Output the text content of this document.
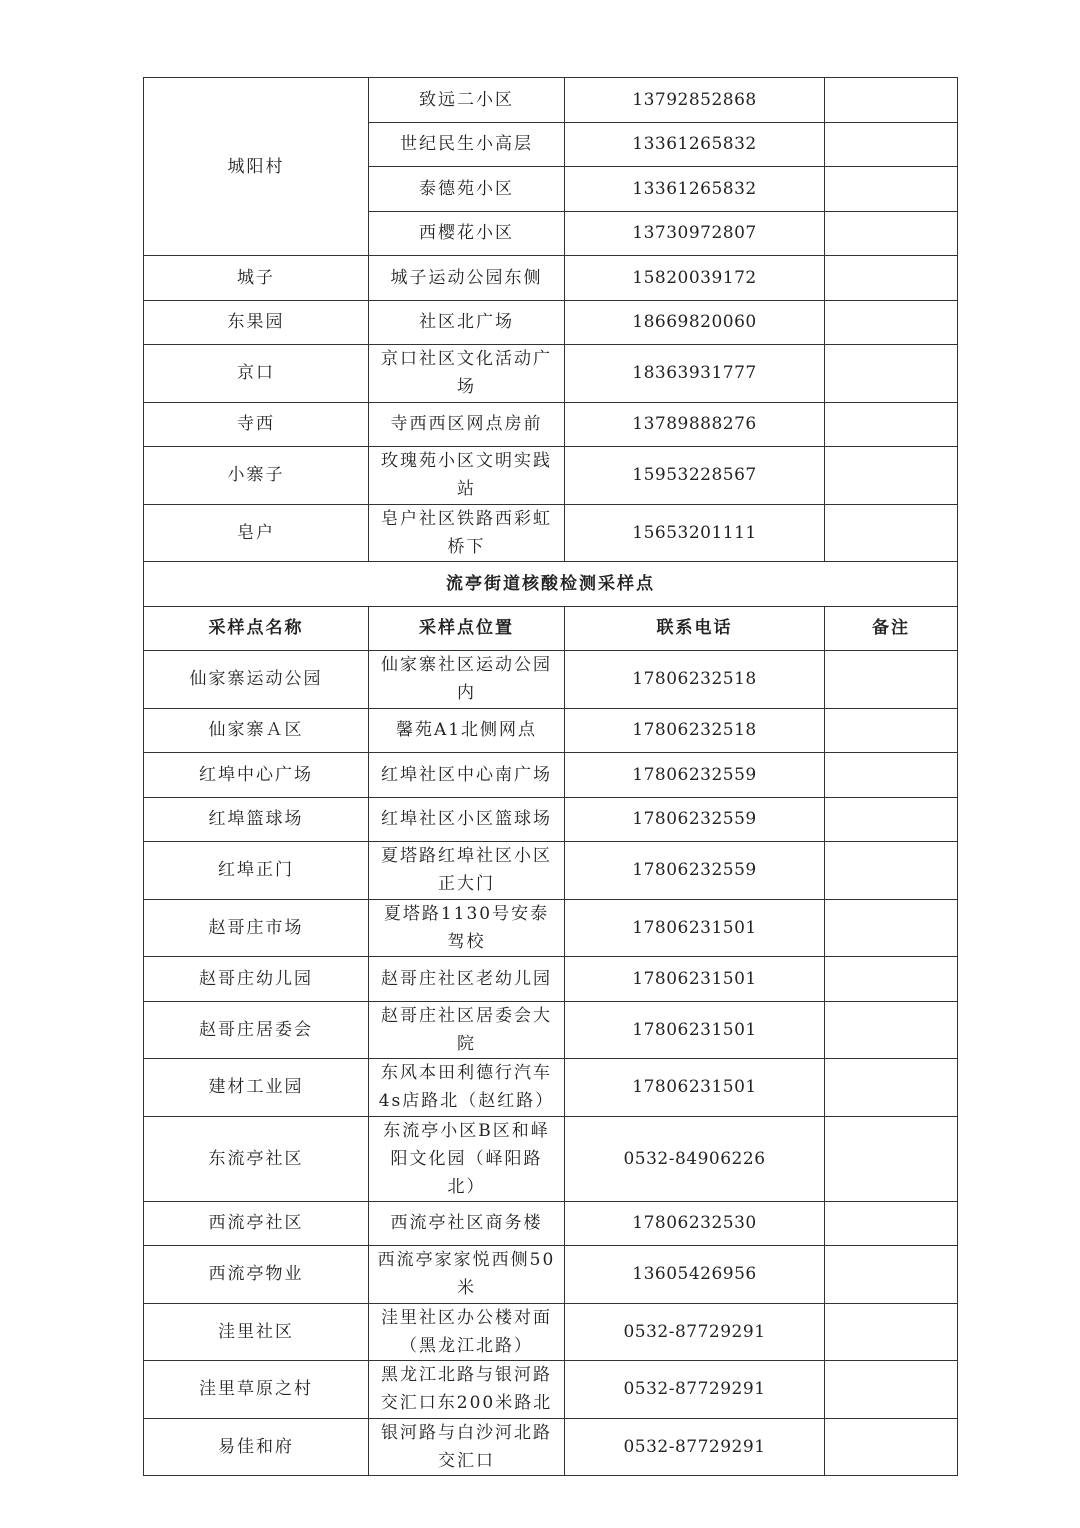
城阳村	致远二小区	13792852868	
	世纪民生小高层	13361265832	
	泰德苑小区	13361265832	
	西樱花小区	13730972807	
城子	城子运动公园东侧	15820039172	
东果园	社区北广场	18669820060	
京口	京口社区文化活动广场	18363931777	
寺西	寺西西区网点房前	13789888276	
小寨子	玫瑰苑小区文明实践站	15953228567	
皂户	皂户社区铁路西彩虹桥下	15653201111	
流亭街道核酸检测采样点			
采样点名称	采样点位置	联系电话	备注
仙家寨运动公园	仙家寨社区运动公园内	17806232518	
仙家寨Ａ区	馨苑A1北侧网点	17806232518	
红埠中心广场	红埠社区中心南广场	17806232559	
红埠篮球场	红埠社区小区篮球场	17806232559	
红埠正门	夏塔路红埠社区小区正大门	17806232559	
赵哥庄市场	夏塔路1130号安泰驾校	17806231501	
赵哥庄幼儿园	赵哥庄社区老幼儿园	17806231501	
赵哥庄居委会	赵哥庄社区居委会大院	17806231501	
建材工业园	东风本田利德行汽车4s店路北（赵红路）	17806231501	
东流亭社区	东流亭小区B区和峄阳文化园（峄阳路北）	0532-84906226	
西流亭社区	西流亭社区商务楼	17806232530	
西流亭物业	西流亭家家悦西侧50米	13605426956	
洼里社区	洼里社区办公楼对面（黑龙江北路）	0532-87729291	
洼里草原之村	黑龙江北路与银河路交汇口东200米路北	0532-87729291	
易佳和府	银河路与白沙河北路交汇口	0532-87729291	
